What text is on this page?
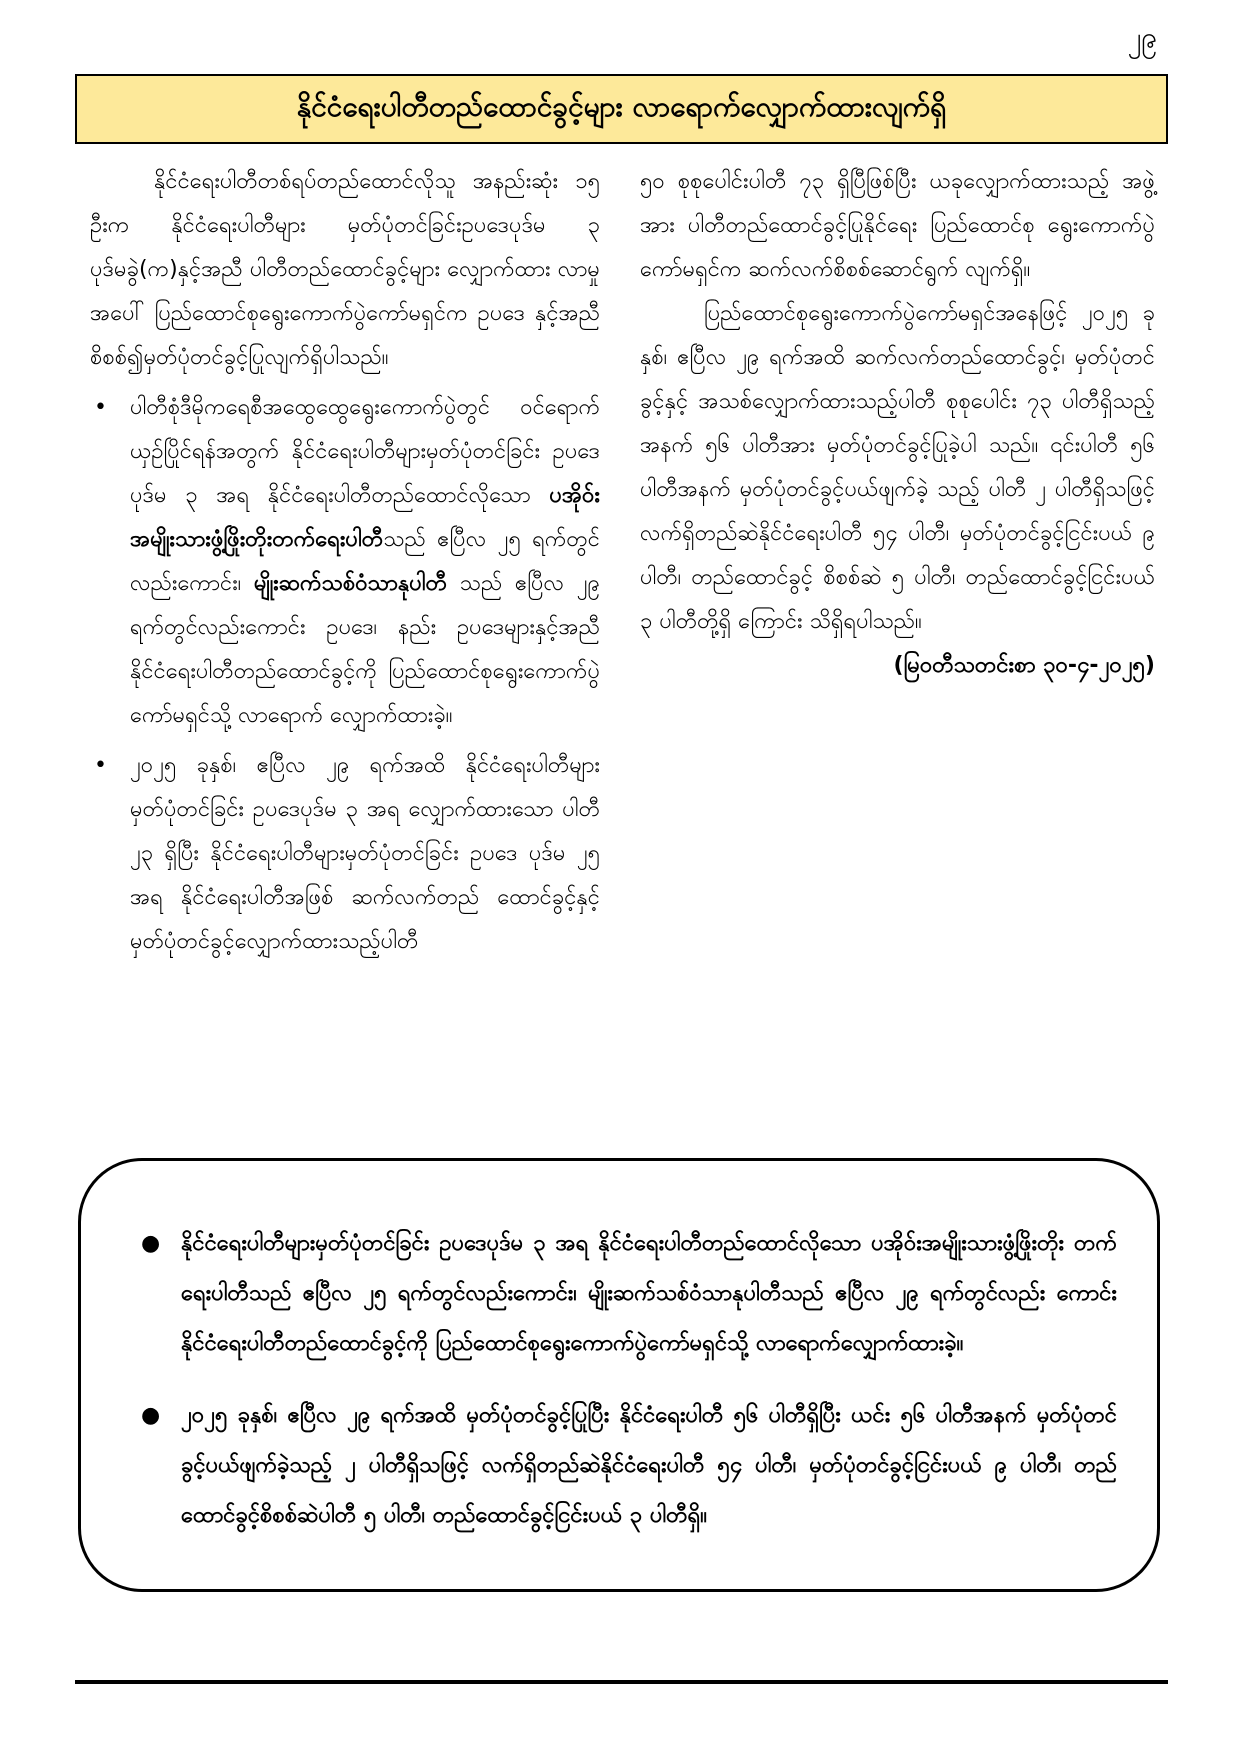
၂၉
နိုင်ငံရေးပါတီတည်ထောင်ခွင့်များ လာရောက်လျှောက်ထားလျက်ရှိ

နိုင်ငံရေးပါတီတစ်ရပ်တည်ထောင်လိုသူ အနည်းဆုံး ၁၅ ဦးက နိုင်ငံရေးပါတီများ မှတ်ပုံတင်ခြင်းဥပဒေပုဒ်မ ၃ ပုဒ်မခွဲ(က)နှင့်အညီ ပါတီတည်ထောင်ခွင့်များ လျှောက်ထား လာမှုအပေါ် ပြည်ထောင်စုရွေးကောက်ပွဲကော်မရှင်က ဥပဒေ နှင့်အညီ စိစစ်၍မှတ်ပုံတင်ခွင့်ပြုလျက်ရှိပါသည်။

• ပါတီစုံဒီမိုကရေစီအထွေထွေရွေးကောက်ပွဲတွင် ဝင်ရောက် ယှဉ်ပြိုင်ရန်အတွက် နိုင်ငံရေးပါတီများမှတ်ပုံတင်ခြင်း ဥပဒေပုဒ်မ ၃ အရ နိုင်ငံရေးပါတီတည်ထောင်လိုသော ပအိုဝ်းအမျိုးသားဖွံ့ဖြိုးတိုးတက်ရေးပါတီသည် ဧပြီလ ၂၅ ရက်တွင်လည်းကောင်း၊ မျိုးဆက်သစ်ဝံသာနုပါတီ သည် ဧပြီလ ၂၉ ရက်တွင်လည်းကောင်း ဥပဒေ၊ နည်း ဥပဒေများနှင့်အညီ နိုင်ငံရေးပါတီတည်ထောင်ခွင့်ကို ပြည်ထောင်စုရွေးကောက်ပွဲကော်မရှင်သို့ လာရောက် လျှောက်ထားခဲ့။
• ၂၀၂၅ ခုနှစ်၊ ဧပြီလ ၂၉ ရက်အထိ နိုင်ငံရေးပါတီများ မှတ်ပုံတင်ခြင်း ဥပဒေပုဒ်မ ၃ အရ လျှောက်ထားသော ပါတီ ၂၃ ရှိပြီး နိုင်ငံရေးပါတီများမှတ်ပုံတင်ခြင်း ဥပဒေ ပုဒ်မ ၂၅ အရ နိုင်ငံရေးပါတီအဖြစ် ဆက်လက်တည် ထောင်ခွင့်နှင့် မှတ်ပုံတင်ခွင့်လျှောက်ထားသည့်ပါတီ

၅၀ စုစုပေါင်းပါတီ ၇၃ ရှိပြီဖြစ်ပြီး ယခုလျှောက်ထားသည့် အဖွဲ့အား ပါတီတည်ထောင်ခွင့်ပြုနိုင်ရေး ပြည်ထောင်စု ရွေးကောက်ပွဲကော်မရှင်က ဆက်လက်စိစစ်ဆောင်ရွက် လျက်ရှိ။

ပြည်ထောင်စုရွေးကောက်ပွဲကော်မရှင်အနေဖြင့် ၂၀၂၅ ခုနှစ်၊ ဧပြီလ ၂၉ ရက်အထိ ဆက်လက်တည်ထောင်ခွင့်၊ မှတ်ပုံတင်ခွင့်နှင့် အသစ်လျှောက်ထားသည့်ပါတီ စုစုပေါင်း ၇၃ ပါတီရှိသည့်အနက် ၅၆ ပါတီအား မှတ်ပုံတင်ခွင့်ပြုခဲ့ပါ သည်။ ၎င်းပါတီ ၅၆ ပါတီအနက် မှတ်ပုံတင်ခွင့်ပယ်ဖျက်ခဲ့ သည့် ပါတီ ၂ ပါတီရှိသဖြင့် လက်ရှိတည်ဆဲနိုင်ငံရေးပါတီ ၅၄ ပါတီ၊ မှတ်ပုံတင်ခွင့်ငြင်းပယ် ၉ ပါတီ၊ တည်ထောင်ခွင့် စိစစ်ဆဲ ၅ ပါတီ၊ တည်ထောင်ခွင့်ငြင်းပယ် ၃ ပါတီတို့ရှိ ကြောင်း သိရှိရပါသည်။

(မြဝတီသတင်းစာ ၃၀-၄-၂၀၂၅)

● နိုင်ငံရေးပါတီများမှတ်ပုံတင်ခြင်း ဥပဒေပုဒ်မ ၃ အရ နိုင်ငံရေးပါတီတည်ထောင်လိုသော ပအိုဝ်းအမျိုးသားဖွံ့ဖြိုးတိုး တက်ရေးပါတီသည် ဧပြီလ ၂၅ ရက်တွင်လည်းကောင်း၊ မျိုးဆက်သစ်ဝံသာနုပါတီသည် ဧပြီလ ၂၉ ရက်တွင်လည်း ကောင်း နိုင်ငံရေးပါတီတည်ထောင်ခွင့်ကို ပြည်ထောင်စုရွေးကောက်ပွဲကော်မရှင်သို့ လာရောက်လျှောက်ထားခဲ့။
● ၂၀၂၅ ခုနှစ်၊ ဧပြီလ ၂၉ ရက်အထိ မှတ်ပုံတင်ခွင့်ပြုပြီး နိုင်ငံရေးပါတီ ၅၆ ပါတီရှိပြီး ယင်း ၅၆ ပါတီအနက် မှတ်ပုံတင် ခွင့်ပယ်ဖျက်ခဲ့သည့် ၂ ပါတီရှိသဖြင့် လက်ရှိတည်ဆဲနိုင်ငံရေးပါတီ ၅၄ ပါတီ၊ မှတ်ပုံတင်ခွင့်ငြင်းပယ် ၉ ပါတီ၊ တည် ထောင်ခွင့်စိစစ်ဆဲပါတီ ၅ ပါတီ၊ တည်ထောင်ခွင့်ငြင်းပယ် ၃ ပါတီရှိ။
